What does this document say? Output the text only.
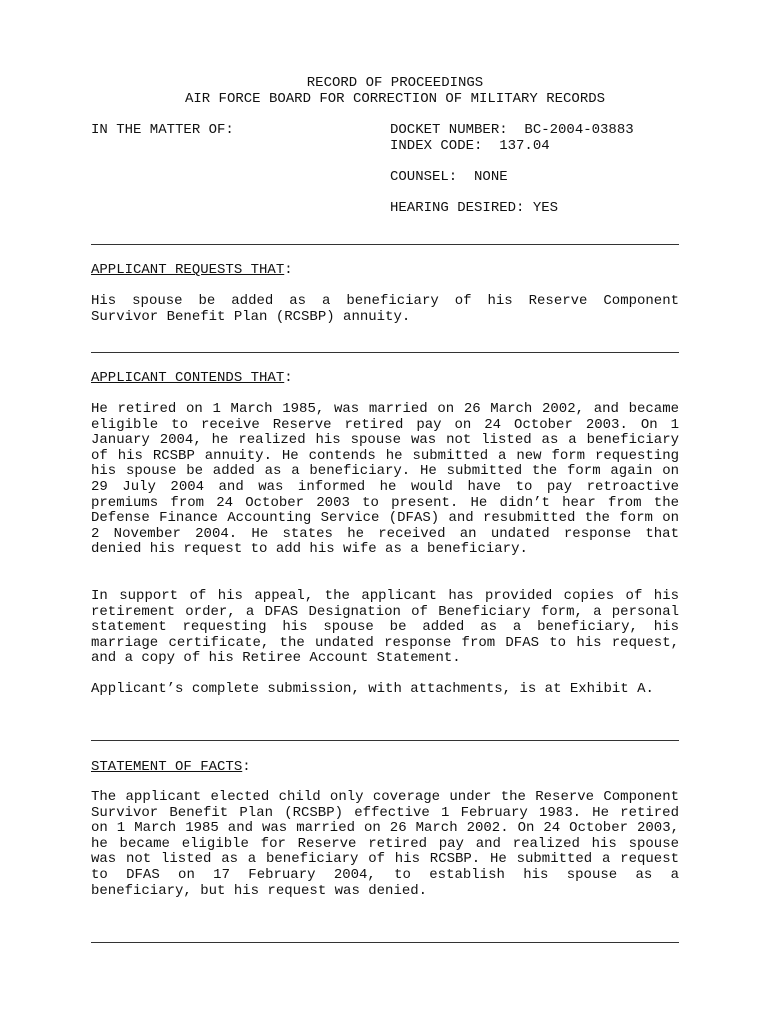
RECORD OF PROCEEDINGS
AIR FORCE BOARD FOR CORRECTION OF MILITARY RECORDS
IN THE MATTER OF:	DOCKET NUMBER:  BC-2004-03883
INDEX CODE:  137.04
COUNSEL:  NONE
HEARING DESIRED: YES
APPLICANT REQUESTS THAT:

His spouse be added as a beneficiary of his Reserve Component Survivor Benefit Plan (RCSBP) annuity.

APPLICANT CONTENDS THAT:

He retired on 1 March 1985, was married on 26 March 2002, and became eligible to receive Reserve retired pay on 24 October 2003. On 1 January 2004, he realized his spouse was not listed as a beneficiary of his RCSBP annuity. He contends he submitted a new form requesting his spouse be added as a beneficiary. He submitted the form again on 29 July 2004 and was informed he would have to pay retroactive premiums from 24 October 2003 to present. He didn’t hear from the Defense Finance Accounting Service (DFAS) and resubmitted the form on 2 November 2004. He states he received an undated response that denied his request to add his wife as a beneficiary.

In support of his appeal, the applicant has provided copies of his retirement order, a DFAS Designation of Beneficiary form, a personal statement requesting his spouse be added as a beneficiary, his marriage certificate, the undated response from DFAS to his request, and a copy of his Retiree Account Statement.

Applicant’s complete submission, with attachments, is at Exhibit A.

STATEMENT OF FACTS:

The applicant elected child only coverage under the Reserve Component Survivor Benefit Plan (RCSBP) effective 1 February 1983. He retired on 1 March 1985 and was married on 26 March 2002. On 24 October 2003, he became eligible for Reserve retired pay and realized his spouse was not listed as a beneficiary of his RCSBP. He submitted a request to DFAS on 17 February 2004, to establish his spouse as a beneficiary, but his request was denied.
